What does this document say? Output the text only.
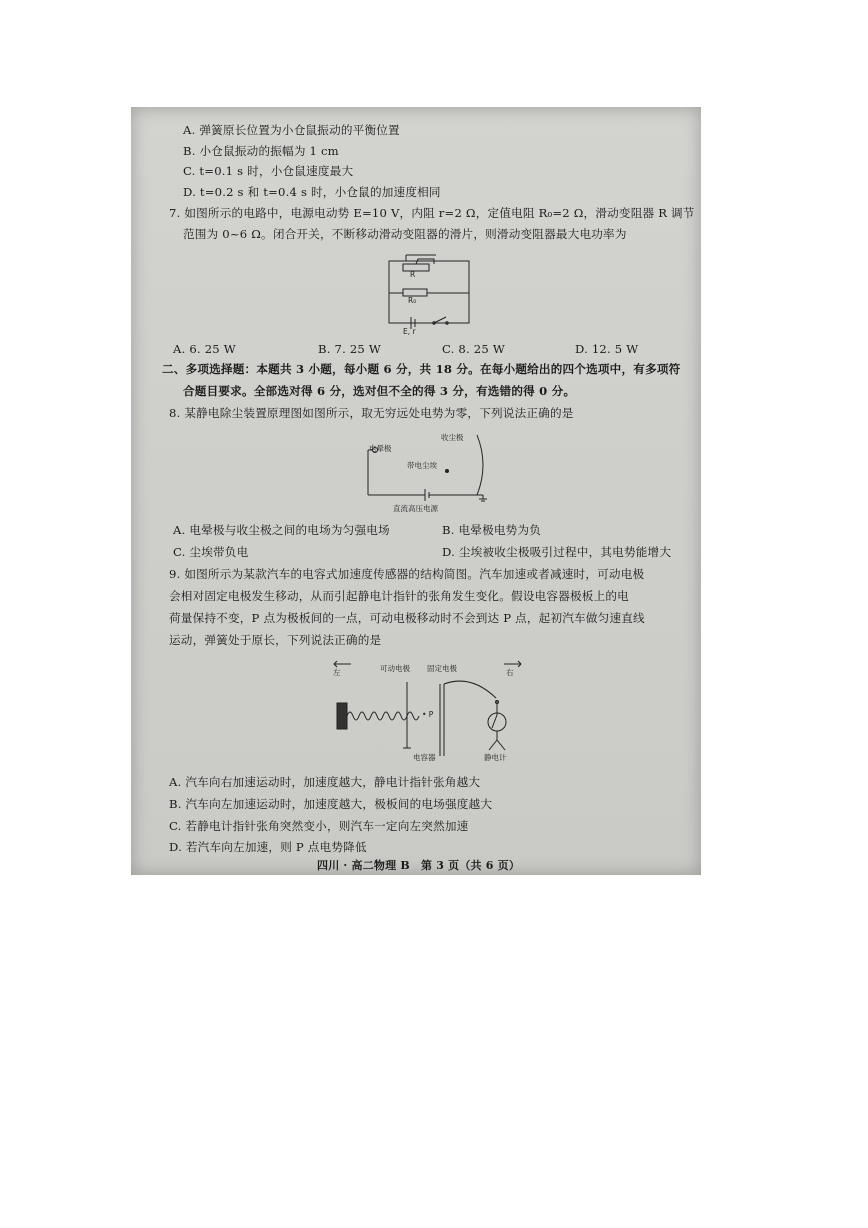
A. 弹簧原长位置为小仓鼠振动的平衡位置
B. 小仓鼠振动的振幅为 1 cm
C. t=0.1 s 时，小仓鼠速度最大
D. t=0.2 s 和 t=0.4 s 时，小仓鼠的加速度相同
7. 如图所示的电路中，电源电动势 E=10 V，内阻 r=2 Ω，定值电阻 R₀=2 Ω，滑动变阻器 R 调节
范围为 0~6 Ω。闭合开关，不断移动滑动变阻器的滑片，则滑动变阻器最大电功率为
R
R₀
E, r
A. 6. 25 W	B. 7. 25 W	C. 8. 25 W	D. 12. 5 W
二、多项选择题：本题共 3 小题，每小题 6 分，共 18 分。在每小题给出的四个选项中，有多项符
合题目要求。全部选对得 6 分，选对但不全的得 3 分，有选错的得 0 分。
8. 某静电除尘装置原理图如图所示，取无穷远处电势为零，下列说法正确的是
收尘极
电晕极
带电尘埃
直流高压电源
A. 电晕极与收尘极之间的电场为匀强电场	B. 电晕极电势为负
C. 尘埃带负电	D. 尘埃被收尘极吸引过程中，其电势能增大
9. 如图所示为某款汽车的电容式加速度传感器的结构简图。汽车加速或者减速时，可动电极
会相对固定电极发生移动，从而引起静电计指针的张角发生变化。假设电容器极板上的电
荷量保持不变，P 点为极板间的一点，可动电极移动时不会到达 P 点，起初汽车做匀速直线
运动，弹簧处于原长，下列说法正确的是
左	右
可动电极 固定电极
• P
电容器	静电计
A. 汽车向右加速运动时，加速度越大，静电计指针张角越大
B. 汽车向左加速运动时，加速度越大，极板间的电场强度越大
C. 若静电计指针张角突然变小，则汽车一定向左突然加速
D. 若汽车向左加速，则 P 点电势降低
四川 · 高二物理 B　第 3 页（共 6 页）
